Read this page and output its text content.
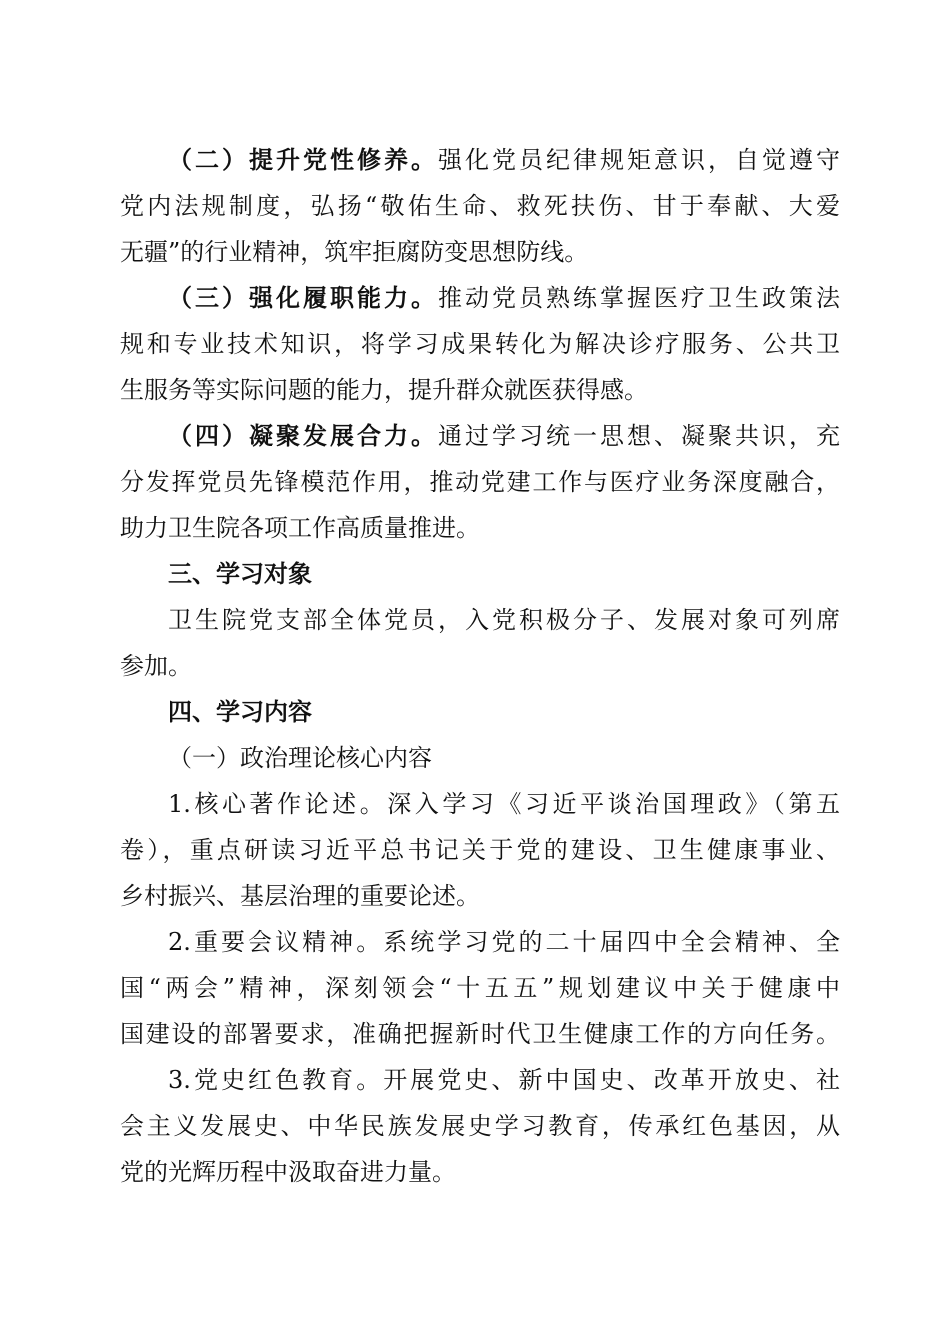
（二）提升党性修养。强化党员纪律规矩意识，自觉遵守
党内法规制度，弘扬“敬佑生命、救死扶伤、甘于奉献、大爱
无疆”的行业精神，筑牢拒腐防变思想防线。
（三）强化履职能力。推动党员熟练掌握医疗卫生政策法
规和专业技术知识，将学习成果转化为解决诊疗服务、公共卫
生服务等实际问题的能力，提升群众就医获得感。
（四）凝聚发展合力。通过学习统一思想、凝聚共识，充
分发挥党员先锋模范作用，推动党建工作与医疗业务深度融合，
助力卫生院各项工作高质量推进。
三、学习对象
卫生院党支部全体党员，入党积极分子、发展对象可列席
参加。
四、学习内容
（一）政治理论核心内容
1.核心著作论述。深入学习《习近平谈治国理政》（第五
卷），重点研读习近平总书记关于党的建设、卫生健康事业、
乡村振兴、基层治理的重要论述。
2.重要会议精神。系统学习党的二十届四中全会精神、全
国“两会”精神，深刻领会“十五五”规划建议中关于健康中
国建设的部署要求，准确把握新时代卫生健康工作的方向任务。
3.党史红色教育。开展党史、新中国史、改革开放史、社
会主义发展史、中华民族发展史学习教育，传承红色基因，从
党的光辉历程中汲取奋进力量。
